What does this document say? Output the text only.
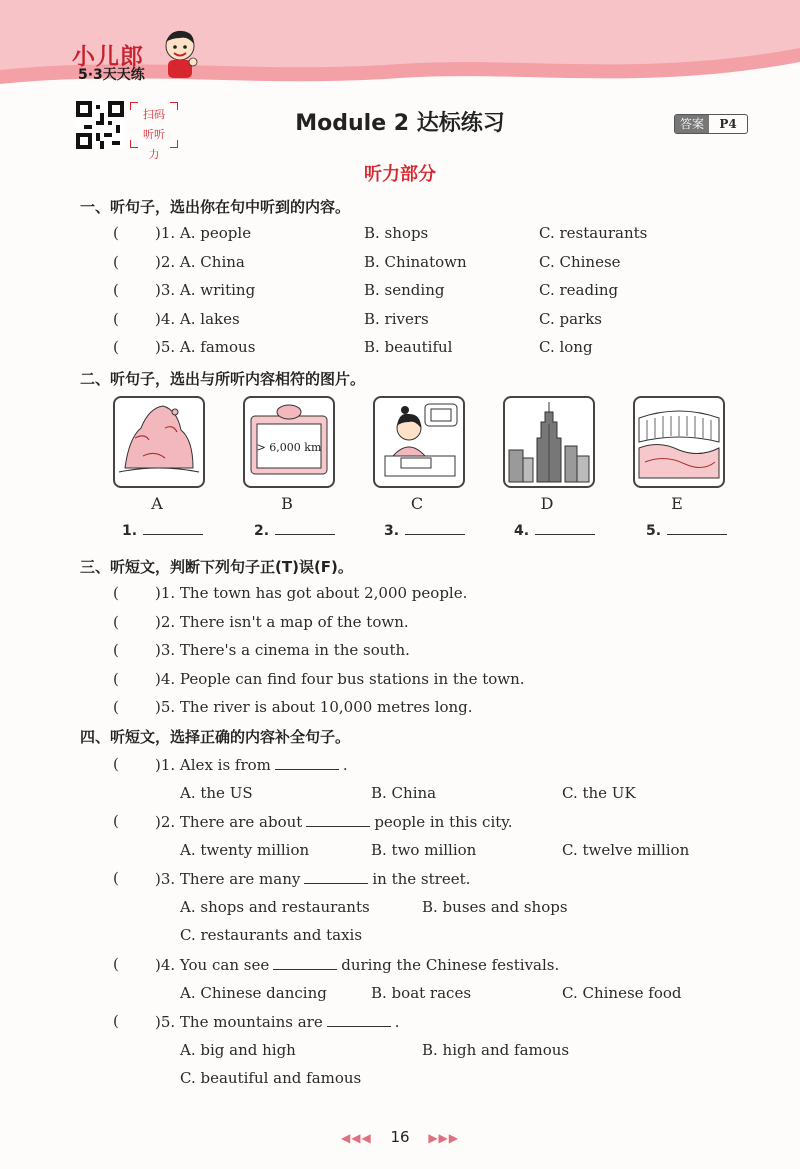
小儿郎
5·3天天练
扫码听听力
Module 2 达标练习	答案	P4
听力部分
一、听句子，选出你在句中听到的内容。
( )1. A. people	B. shops	C. restaurants
( )2. A. China	B. Chinatown	C. Chinese
( )3. A. writing	B. sending	C. reading
( )4. A. lakes	B. rivers	C. parks
( )5. A. famous	B. beautiful	C. long
二、听句子，选出与所听内容相符的图片。
> 6,000 km
A	B	C	D	E
1.	2.	3.	4.	5.
三、听短文，判断下列句子正(T)误(F)。
( )1. The town has got about 2,000 people.
( )2. There isn't a map of the town.
( )3. There's a cinema in the south.
( )4. People can find four bus stations in the town.
( )5. The river is about 10,000 metres long.
四、听短文，选择正确的内容补全句子。
( )1. Alex is from	.
A. the US	B. China	C. the UK
( )2. There are about	people in this city.
A. twenty million	B. two million	C. twelve million
( )3. There are many	in the street.
A. shops and restaurants	B. buses and shops
C. restaurants and taxis
( )4. You can see	during the Chinese festivals.
A. Chinese dancing	B. boat races	C. Chinese food
( )5. The mountains are	.
A. big and high	B. high and famous
C. beautiful and famous
◀◀◀ 16 ▶▶▶
